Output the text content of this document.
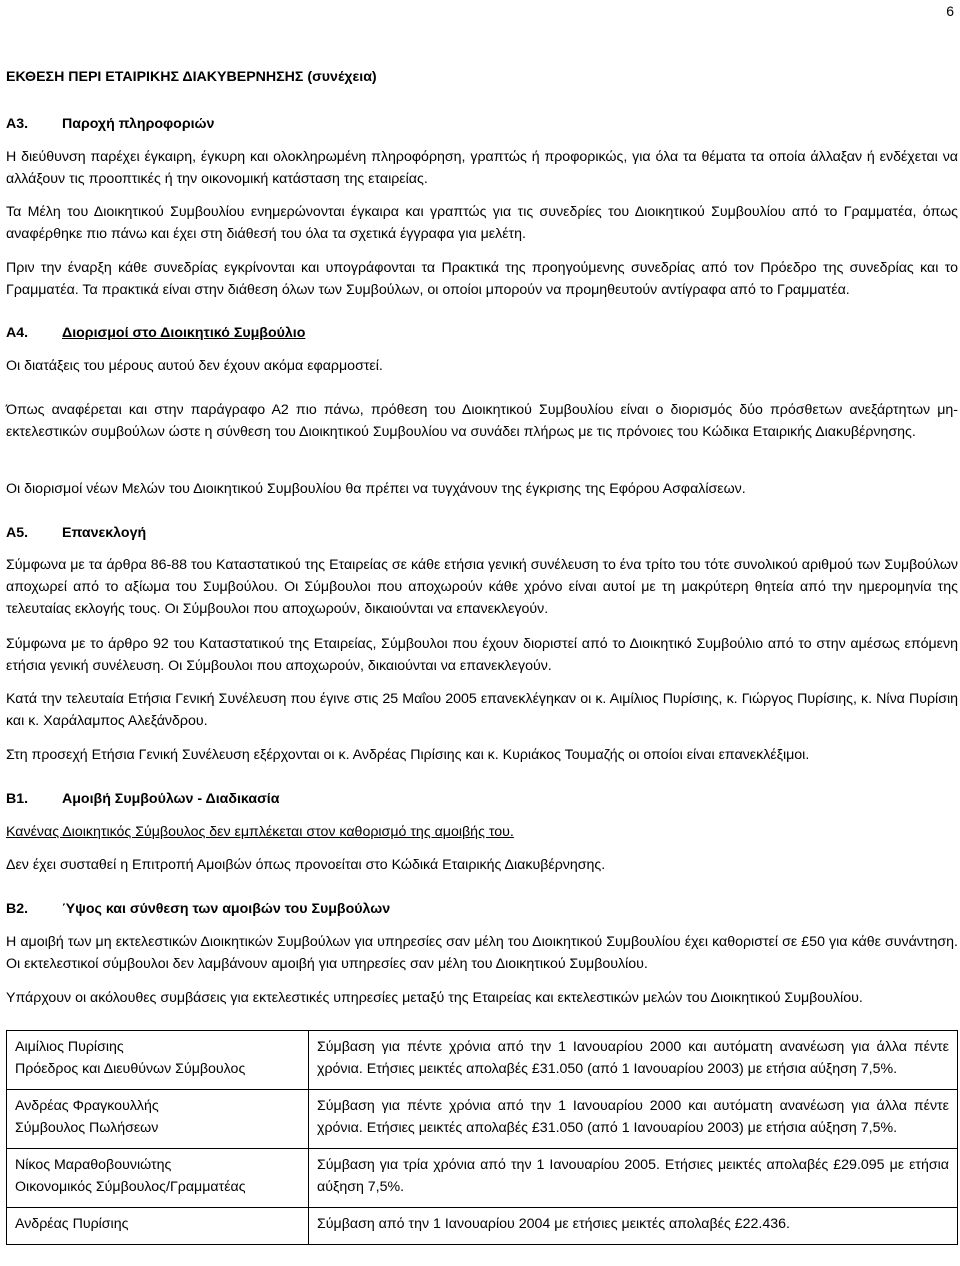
6

ΕΚΘΕΣΗ ΠΕΡΙ ΕΤΑΙΡΙΚΗΣ ΔΙΑΚΥΒΕΡΝΗΣΗΣ (συνέχεια)

Α3. Παροχή πληροφοριών

Η διεύθυνση παρέχει έγκαιρη, έγκυρη και ολοκληρωμένη πληροφόρηση, γραπτώς ή προφορικώς, για όλα τα θέματα τα οποία άλλαξαν ή ενδέχεται να αλλάξουν τις προοπτικές ή την οικονομική κατάσταση της εταιρείας.

Τα Μέλη του Διοικητικού Συμβουλίου ενημερώνονται έγκαιρα και γραπτώς για τις συνεδρίες του Διοικητικού Συμβουλίου από το Γραμματέα, όπως αναφέρθηκε πιο πάνω και έχει στη διάθεσή του όλα τα σχετικά έγγραφα για μελέτη.

Πριν την έναρξη κάθε συνεδρίας εγκρίνονται και υπογράφονται τα Πρακτικά της προηγούμενης συνεδρίας από τον Πρόεδρο της συνεδρίας και το Γραμματέα. Τα πρακτικά είναι στην διάθεση όλων των Συμβούλων, οι οποίοι μπορούν να προμηθευτούν αντίγραφα από το Γραμματέα.

Α4. Διορισμοί στο Διοικητικό Συμβούλιο

Οι διατάξεις του μέρους αυτού δεν έχουν ακόμα εφαρμοστεί.

Όπως αναφέρεται και στην παράγραφο Α2 πιο πάνω, πρόθεση του Διοικητικού Συμβουλίου είναι ο διορισμός δύο πρόσθετων ανεξάρτητων μη-εκτελεστικών συμβούλων ώστε η σύνθεση του Διοικητικού Συμβουλίου να συνάδει πλήρως με τις πρόνοιες του Κώδικα Εταιρικής Διακυβέρνησης.

Οι διορισμοί νέων Μελών του Διοικητικού Συμβουλίου θα πρέπει να τυγχάνουν της έγκρισης της Εφόρου Ασφαλίσεων.

Α5. Επανεκλογή

Σύμφωνα με τα άρθρα 86-88 του Καταστατικού της Εταιρείας σε κάθε ετήσια γενική συνέλευση το ένα τρίτο του τότε συνολικού αριθμού των Συμβούλων αποχωρεί από το αξίωμα του Συμβούλου. Οι Σύμβουλοι που αποχωρούν κάθε χρόνο είναι αυτοί με τη μακρύτερη θητεία από την ημερομηνία της τελευταίας εκλογής τους. Οι Σύμβουλοι που αποχωρούν, δικαιούνται να επανεκλεγούν.

Σύμφωνα με το άρθρο 92 του Καταστατικού της Εταιρείας, Σύμβουλοι που έχουν διοριστεί από το Διοικητικό Συμβούλιο από το στην αμέσως επόμενη ετήσια γενική συνέλευση. Οι Σύμβουλοι που αποχωρούν, δικαιούνται να επανεκλεγούν.

Κατά την τελευταία Ετήσια Γενική Συνέλευση που έγινε στις 25 Μαΐου 2005 επανεκλέγηκαν οι κ. Αιμίλιος Πυρίσιης, κ. Γιώργος Πυρίσιης, κ. Νίνα Πυρίσιη και κ. Χαράλαμπος Αλεξάνδρου.

Στη προσεχή Ετήσια Γενική Συνέλευση εξέρχονται οι κ. Ανδρέας Πιρίσιης και κ. Κυριάκος Τουμαζής οι οποίοι είναι επανεκλέξιμοι.

Β1. Αμοιβή Συμβούλων - Διαδικασία

Κανένας Διοικητικός Σύμβουλος δεν εμπλέκεται στον καθορισμό της αμοιβής του.

Δεν έχει συσταθεί η Επιτροπή Αμοιβών όπως προνοείται στο Κώδικά Εταιρικής Διακυβέρνησης.

Β2. Ύψος και σύνθεση των αμοιβών του Συμβούλων

Η αμοιβή των μη εκτελεστικών Διοικητικών Συμβούλων για υπηρεσίες σαν μέλη του Διοικητικού Συμβουλίου έχει καθοριστεί σε £50 για κάθε συνάντηση. Οι εκτελεστικοί σύμβουλοι δεν λαμβάνουν αμοιβή για υπηρεσίες σαν μέλη του Διοικητικού Συμβουλίου.

Υπάρχουν οι ακόλουθες συμβάσεις για εκτελεστικές υπηρεσίες μεταξύ της Εταιρείας και εκτελεστικών μελών του Διοικητικού Συμβουλίου.

Αιμίλιος Πυρίσιης
Πρόεδρος και Διευθύνων Σύμβουλος	Σύμβαση για πέντε χρόνια από την 1 Ιανουαρίου 2000 και αυτόματη ανανέωση για άλλα πέντε χρόνια. Ετήσιες μεικτές απολαβές £31.050 (από 1 Ιανουαρίου 2003) με ετήσια αύξηση 7,5%.

Ανδρέας Φραγκουλλής
Σύμβουλος Πωλήσεων	Σύμβαση για πέντε χρόνια από την 1 Ιανουαρίου 2000 και αυτόματη ανανέωση για άλλα πέντε χρόνια. Ετήσιες μεικτές απολαβές £31.050 (από 1 Ιανουαρίου 2003) με ετήσια αύξηση 7,5%.

Νίκος Μαραθοβουνιώτης
Οικονομικός Σύμβουλος/Γραμματέας	Σύμβαση για τρία χρόνια από την 1 Ιανουαρίου 2005. Ετήσιες μεικτές απολαβές £29.095 με ετήσια αύξηση 7,5%.

Ανδρέας Πυρίσιης	Σύμβαση από την 1 Ιανουαρίου 2004 με ετήσιες μεικτές απολαβές £22.436.
